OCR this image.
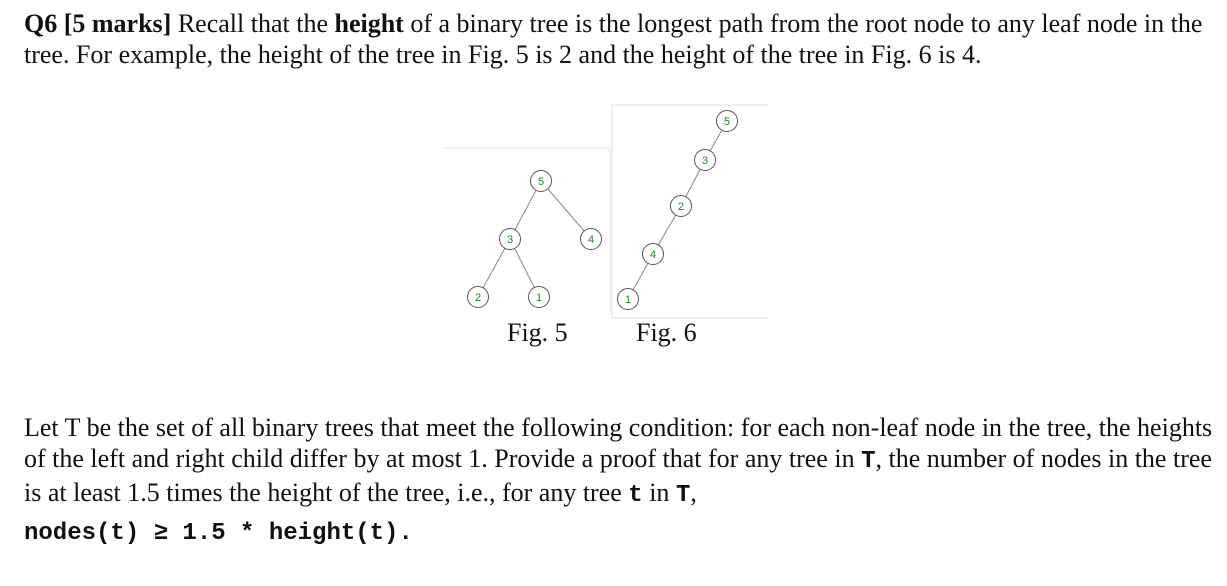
Q6 [5 marks] Recall that the height of a binary tree is the longest path from the root node to any leaf node in the tree. For example, the height of the tree in Fig. 5 is 2 and the height of the tree in Fig. 6 is 4.

5
3	4
2	1
5
3
2
4
1
Fig. 5	Fig. 6

Let T be the set of all binary trees that meet the following condition: for each non-leaf node in the tree, the heights of the left and right child differ by at most 1. Provide a proof that for any tree in T, the number of nodes in the tree is at least 1.5 times the height of the tree, i.e., for any tree t in T,

nodes(t) ≥ 1.5 * height(t).
